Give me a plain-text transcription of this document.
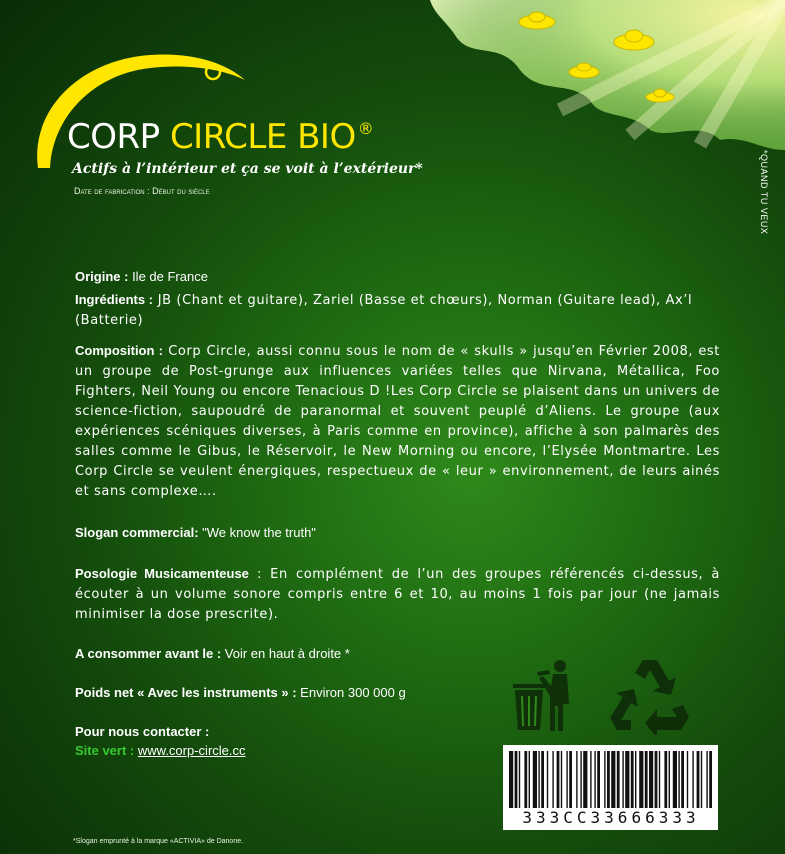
CORP CIRCLE BIO ®
Actifs à l’intérieur et ça se voit à l’extérieur*
Date de fabrication : Début du siècle	*QUAND TU VEUX

Origine : Ile de France

Ingrédients : JB (Chant et guitare), Zariel (Basse et chœurs), Norman (Guitare lead), Ax’l (Batterie)

Composition : Corp Circle, aussi connu sous le nom de « skulls » jusqu’en Février 2008, est un groupe de Post-grunge aux influences variées telles que Nirvana, Métallica, Foo Fighters, Neil Young ou encore Tenacious D !Les Corp Circle se plaisent dans un univers de science-fiction, saupoudré de paranormal et souvent peuplé d’Aliens. Le groupe (aux expériences scéniques diverses, à Paris comme en province), affiche à son palmarès des salles comme le Gibus, le Réservoir, le New Morning ou encore, l’Elysée Montmartre. Les Corp Circle se veulent énergiques, respectueux de « leur » environnement, de leurs ainés et sans complexe….

Slogan commercial: "We know the truth"

Posologie Musicamenteuse : En complément de l’un des groupes référencés ci-dessus, à écouter à un volume sonore compris entre 6 et 10, au moins 1 fois par jour (ne jamais minimiser la dose prescrite).

A consommer avant le : Voir en haut à droite *

Poids net « Avec les instruments » : Environ 300 000 g

Pour nous contacter :

Site vert : www.corp-circle.cc

333CC33666333
*Slogan emprunté à la marque «ACTIVIA» de Danone.
